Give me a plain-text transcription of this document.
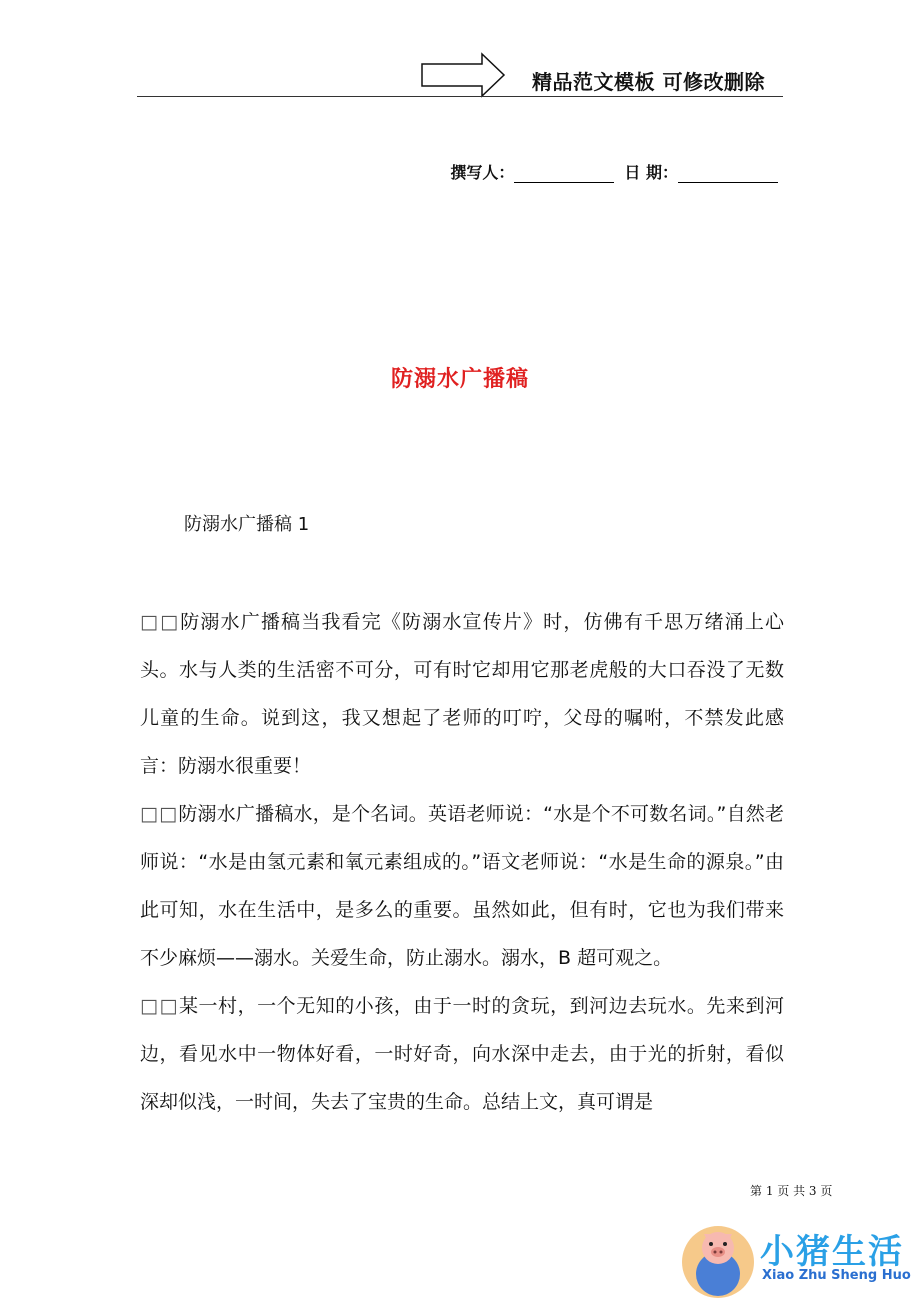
精品范文模板 可修改删除
撰写人：	日 期：
防溺水广播稿
防溺水广播稿 1

□□防溺水广播稿当我看完《防溺水宣传片》时，仿佛有千思万绪涌上心头。水与人类的生活密不可分，可有时它却用它那老虎般的大口吞没了无数儿童的生命。说到这，我又想起了老师的叮咛，父母的嘱咐，不禁发此感言：防溺水很重要！

□□防溺水广播稿水，是个名词。英语老师说：“水是个不可数名词。”自然老师说：“水是由氢元素和氧元素组成的。”语文老师说：“水是生命的源泉。”由此可知，水在生活中，是多么的重要。虽然如此，但有时，它也为我们带来不少麻烦——溺水。关爱生命，防止溺水。溺水，B 超可观之。

□□某一村，一个无知的小孩，由于一时的贪玩，到河边去玩水。先来到河边，看见水中一物体好看，一时好奇，向水深中走去，由于光的折射，看似深却似浅，一时间，失去了宝贵的生命。总结上文，真可谓是

第 1 页 共 3 页
小猪生活
Xiao Zhu Sheng Huo
